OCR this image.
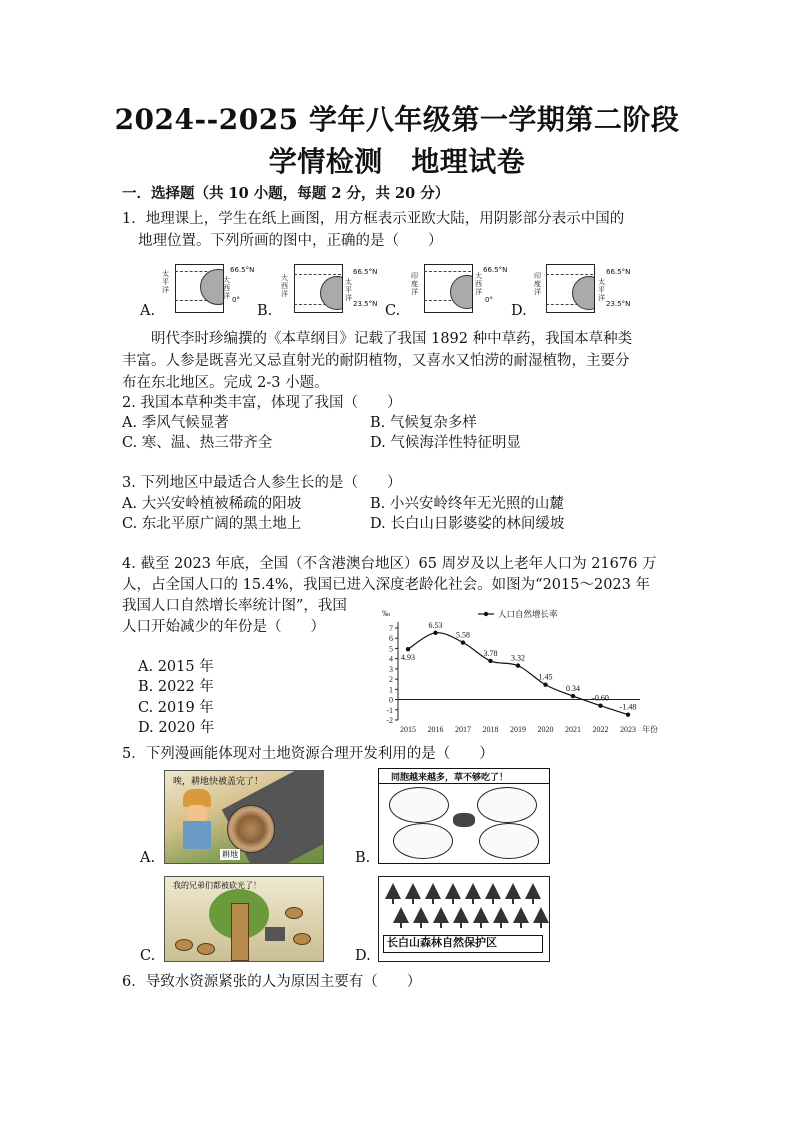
2024--2025 学年八年级第一学期第二阶段
学情检测　地理试卷
一．选择题（共 10 小题，每题 2 分，共 20 分）
1．地理课上，学生在纸上画图，用方框表示亚欧大陆，用阴影部分表示中国的
地理位置。下列所画的图中，正确的是（　　）
A.
太平洋
大西洋
66.5°N
0°
B.
大西洋
太平洋
66.5°N
23.5°N C.
印度洋
大西洋
66.5°N
0°
D.
印度洋
太平洋
66.5°N
23.5°N
　　明代李时珍编撰的《本草纲目》记载了我国 1892 种中草药，我国本草种类
丰富。人参是既喜光又忌直射光的耐阴植物，又喜水又怕涝的耐湿植物，主要分
布在东北地区。完成 2-3 小题。
2. 我国本草种类丰富，体现了我国（　　）
A. 季风气候显著	B. 气候复杂多样
C. 寒、温、热三带齐全	D. 气候海洋性特征明显
3. 下列地区中最适合人参生长的是（　　）
A. 大兴安岭植被稀疏的阳坡	B. 小兴安岭终年无光照的山麓
C. 东北平原广阔的黑土地上	D. 长白山日影婆娑的林间缓坡
4. 截至 2023 年底，全国（不含港澳台地区）65 周岁及以上老年人口为 21676 万
人，占全国人口的 15.4%，我国已进入深度老龄化社会。如图为“2015～2023 年
我国人口自然增长率统计图”，我国
人口开始减少的年份是（　　）
A. 2015 年
B. 2022 年
C. 2019 年
D. 2020 年
7
6
5
4
3
2
1
0
-1
-2
‰
2015 2016 2017 2018 2019 2020 2021 2022 2023 年份
4.93
6.53
5.58
3.78
3.32
1.45
0.34
-0.60
-1.48
人口自然增长率
5．下列漫画能体现对土地资源合理开发利用的是（　　）
A.
唉，耕地快被盖完了！
耕地	B.
同胞越来越多，草不够吃了！
C.
我的兄弟们都被砍光了！
D.
长白山森林自然保护区
6．导致水资源紧张的人为原因主要有（　　）
